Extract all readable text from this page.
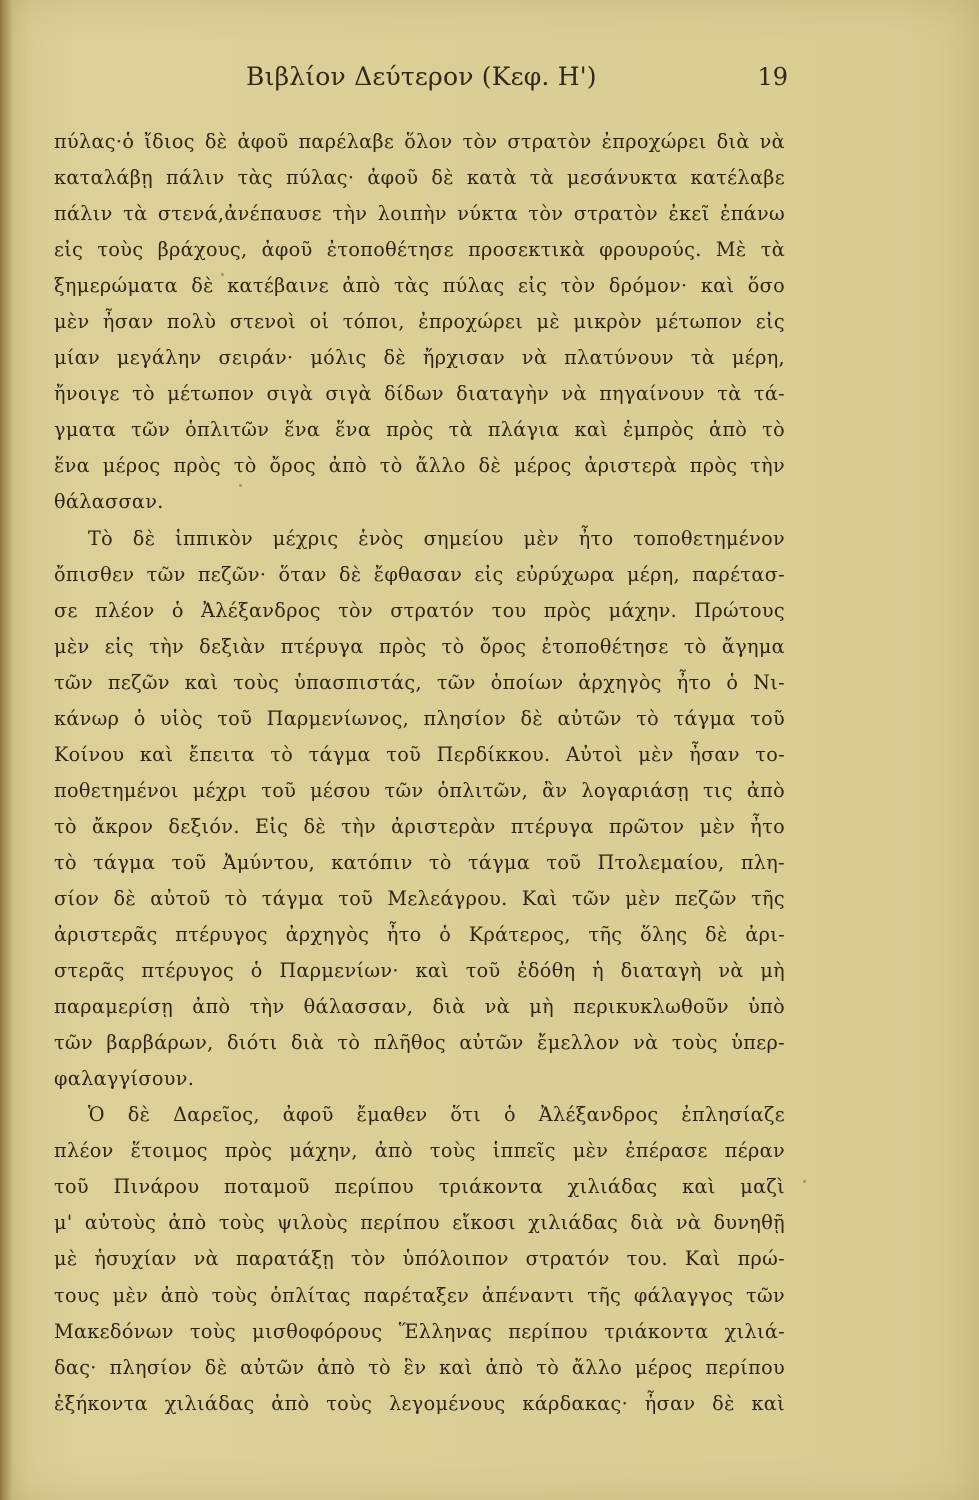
Βιβλίον Δεύτερον (Κεφ. Η')	19
πύλας·ὁ ἴδιος δὲ ἀφοῦ παρέλαβε ὅλον τὸν στρατὸν ἐπροχώρει διὰ νὰ
καταλάβῃ πάλιν τὰς πύλας· ἀφοῦ δὲ κατὰ τὰ μεσάνυκτα κατέλαβε
πάλιν τὰ στενά,ἀνέπαυσε τὴν λοιπὴν νύκτα τὸν στρατὸν ἐκεῖ ἐπάνω
εἰς τοὺς βράχους, ἀφοῦ ἐτοποθέτησε προσεκτικὰ φρουρούς. Μὲ τὰ
ξημερώματα δὲ κατέβαινε ἀπὸ τὰς πύλας εἰς τὸν δρόμον· καὶ ὅσο
μὲν ἦσαν πολὺ στενοὶ οἱ τόποι, ἐπροχώρει μὲ μικρὸν μέτωπον εἰς
μίαν μεγάλην σειράν· μόλις δὲ ἤρχισαν νὰ πλατύνουν τὰ μέρη,
ἤνοιγε τὸ μέτωπον σιγὰ σιγὰ δίδων διαταγὴν νὰ πηγαίνουν τὰ τά-
γματα τῶν ὁπλιτῶν ἕνα ἕνα πρὸς τὰ πλάγια καὶ ἐμπρὸς ἀπὸ τὸ
ἕνα μέρος πρὸς τὸ ὄρος ἀπὸ τὸ ἄλλο δὲ μέρος ἀριστερὰ πρὸς τὴν
θάλασσαν.
Τὸ δὲ ἱππικὸν μέχρις ἑνὸς σημείου μὲν ἦτο τοποθετημένον
ὄπισθεν τῶν πεζῶν· ὅταν δὲ ἔφθασαν εἰς εὐρύχωρα μέρη, παρέτασ-
σε πλέον ὁ Ἀλέξανδρος τὸν στρατόν του πρὸς μάχην. Πρώτους
μὲν εἰς τὴν δεξιὰν πτέρυγα πρὸς τὸ ὄρος ἐτοποθέτησε τὸ ἄγημα
τῶν πεζῶν καὶ τοὺς ὑπασπιστάς, τῶν ὁποίων ἀρχηγὸς ἦτο ὁ Νι-
κάνωρ ὁ υἱὸς τοῦ Παρμενίωνος, πλησίον δὲ αὐτῶν τὸ τάγμα τοῦ
Κοίνου καὶ ἔπειτα τὸ τάγμα τοῦ Περδίκκου. Αὐτοὶ μὲν ἦσαν το-
ποθετημένοι μέχρι τοῦ μέσου τῶν ὁπλιτῶν, ἂν λογαριάσῃ τις ἀπὸ
τὸ ἄκρον δεξιόν. Εἰς δὲ τὴν ἀριστερὰν πτέρυγα πρῶτον μὲν ἦτο
τὸ τάγμα τοῦ Ἀμύντου, κατόπιν τὸ τάγμα τοῦ Πτολεμαίου, πλη-
σίον δὲ αὐτοῦ τὸ τάγμα τοῦ Μελεάγρου. Καὶ τῶν μὲν πεζῶν τῆς
ἀριστερᾶς πτέρυγος ἀρχηγὸς ἦτο ὁ Κράτερος, τῆς ὅλης δὲ ἀρι-
στερᾶς πτέρυγος ὁ Παρμενίων· καὶ τοῦ ἐδόθη ἡ διαταγὴ νὰ μὴ
παραμερίσῃ ἀπὸ τὴν θάλασσαν, διὰ νὰ μὴ περικυκλωθοῦν ὑπὸ
τῶν βαρβάρων, διότι διὰ τὸ πλῆθος αὐτῶν ἔμελλον νὰ τοὺς ὑπερ-
φαλαγγίσουν.
Ὁ δὲ Δαρεῖος, ἀφοῦ ἔμαθεν ὅτι ὁ Ἀλέξανδρος ἐπλησίαζε
πλέον ἕτοιμος πρὸς μάχην, ἀπὸ τοὺς ἱππεῖς μὲν ἐπέρασε πέραν
τοῦ Πινάρου ποταμοῦ περίπου τριάκοντα χιλιάδας καὶ μαζὶ
μ' αὐτοὺς ἀπὸ τοὺς ψιλοὺς περίπου εἴκοσι χιλιάδας διὰ νὰ δυνηθῇ
μὲ ἡσυχίαν νὰ παρατάξῃ τὸν ὑπόλοιπον στρατόν του. Καὶ πρώ-
τους μὲν ἀπὸ τοὺς ὁπλίτας παρέταξεν ἀπέναντι τῆς φάλαγγος τῶν
Μακεδόνων τοὺς μισθοφόρους Ἕλληνας περίπου τριάκοντα χιλιά-
δας· πλησίον δὲ αὐτῶν ἀπὸ τὸ ἓν καὶ ἀπὸ τὸ ἄλλο μέρος περίπου
ἑξήκοντα χιλιάδας ἀπὸ τοὺς λεγομένους κάρδακας· ἦσαν δὲ καὶ
